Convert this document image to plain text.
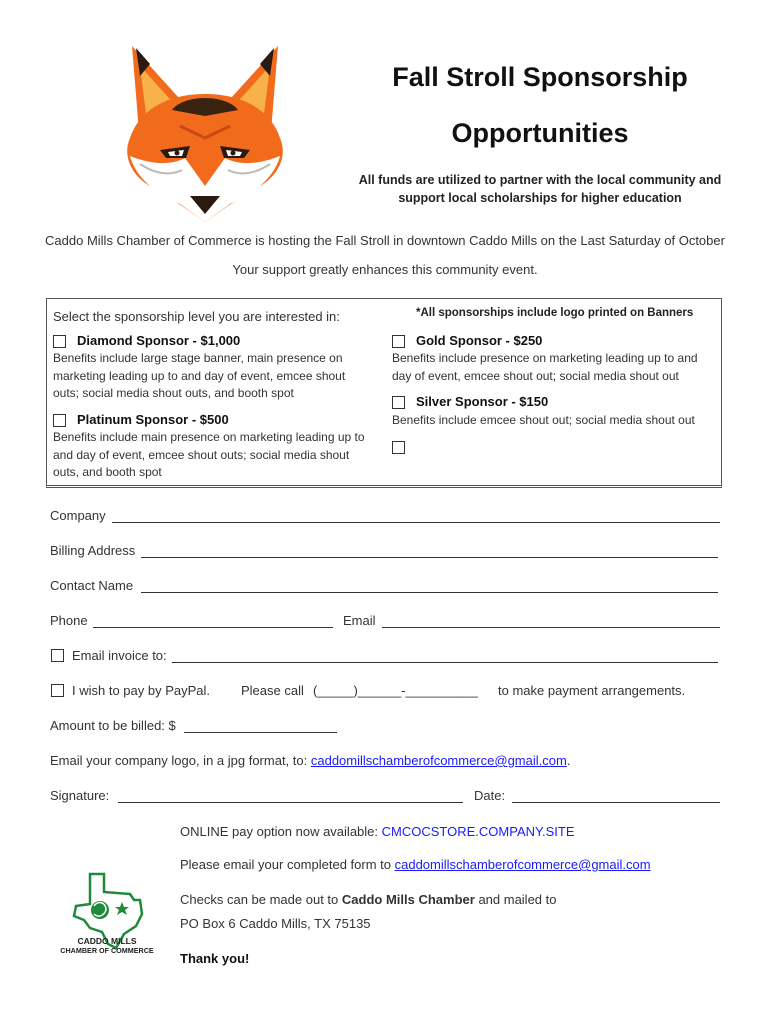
Fall Stroll Sponsorship
Opportunities
All funds are utilized to partner with the local community and support local scholarships for higher education
Caddo Mills Chamber of Commerce is hosting the Fall Stroll in downtown Caddo Mills on the Last Saturday of October
Your support greatly enhances this community event.
Select the sponsorship level you are interested in:	*All sponsorships include logo printed on Banners
Diamond Sponsor - $1,000
Benefits include large stage banner, main presence on marketing leading up to and day of event, emcee shout outs; social media shout outs, and booth spot
Platinum Sponsor - $500
Benefits include main presence on marketing leading up to and day of event, emcee shout outs; social media shout outs, and booth spot
Gold Sponsor - $250
Benefits include presence on marketing leading up to and day of event, emcee shout out; social media shout out
Silver Sponsor - $150
Benefits include emcee shout out; social media shout out
Company
Billing Address
Contact Name
Phone	Email
Email invoice to:
I wish to pay by PayPal. Please call (_____)______-__________ to make payment arrangements.
Amount to be billed: $
Email your company logo, in a jpg format, to: caddomillschamberofcommerce@gmail.com.
Signature:	Date:
ONLINE pay option now available: CMCOCSTORE.COMPANY.SITE
Please email your completed form to caddomillschamberofcommerce@gmail.com
Checks can be made out to Caddo Mills Chamber and mailed to
PO Box 6 Caddo Mills, TX 75135
Thank you!
CADDO MILLS
CHAMBER OF COMMERCE
